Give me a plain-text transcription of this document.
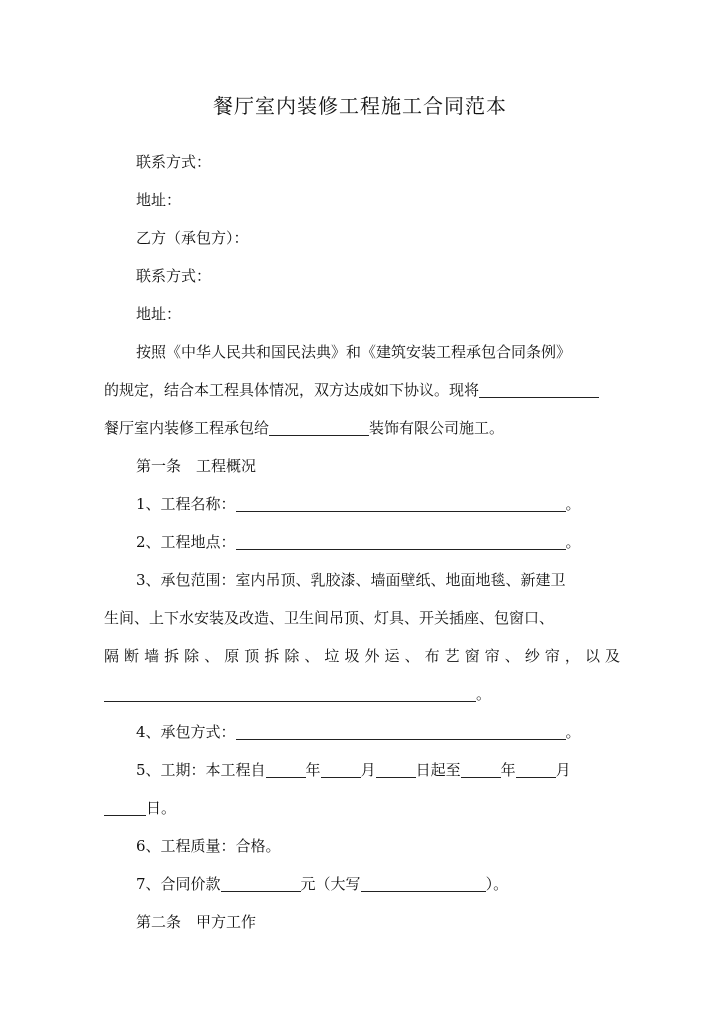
餐厅室内装修工程施工合同范本
联系方式：
地址：
乙方（承包方）：
联系方式：
地址：
按照《中华人民共和国民法典》和《建筑安装工程承包合同条例》
的规定，结合本工程具体情况，双方达成如下协议。现将
餐厅室内装修工程承包给	装饰有限公司施工。
第一条　工程概况
1、工程名称：	。
2、工程地点：	。
3、承包范围：室内吊顶、乳胶漆、墙面壁纸、地面地毯、新建卫
生间、上下水安装及改造、卫生间吊顶、灯具、开关插座、包窗口、
隔断墙拆除、原顶拆除、垃圾外运、布艺窗帘、纱帘，以及
。
4、承包方式：	。
5、工期：本工程自	年	月	日起至	年	月
日。
6、工程质量：合格。
7、合同价款	元（大写	）。
第二条　甲方工作
